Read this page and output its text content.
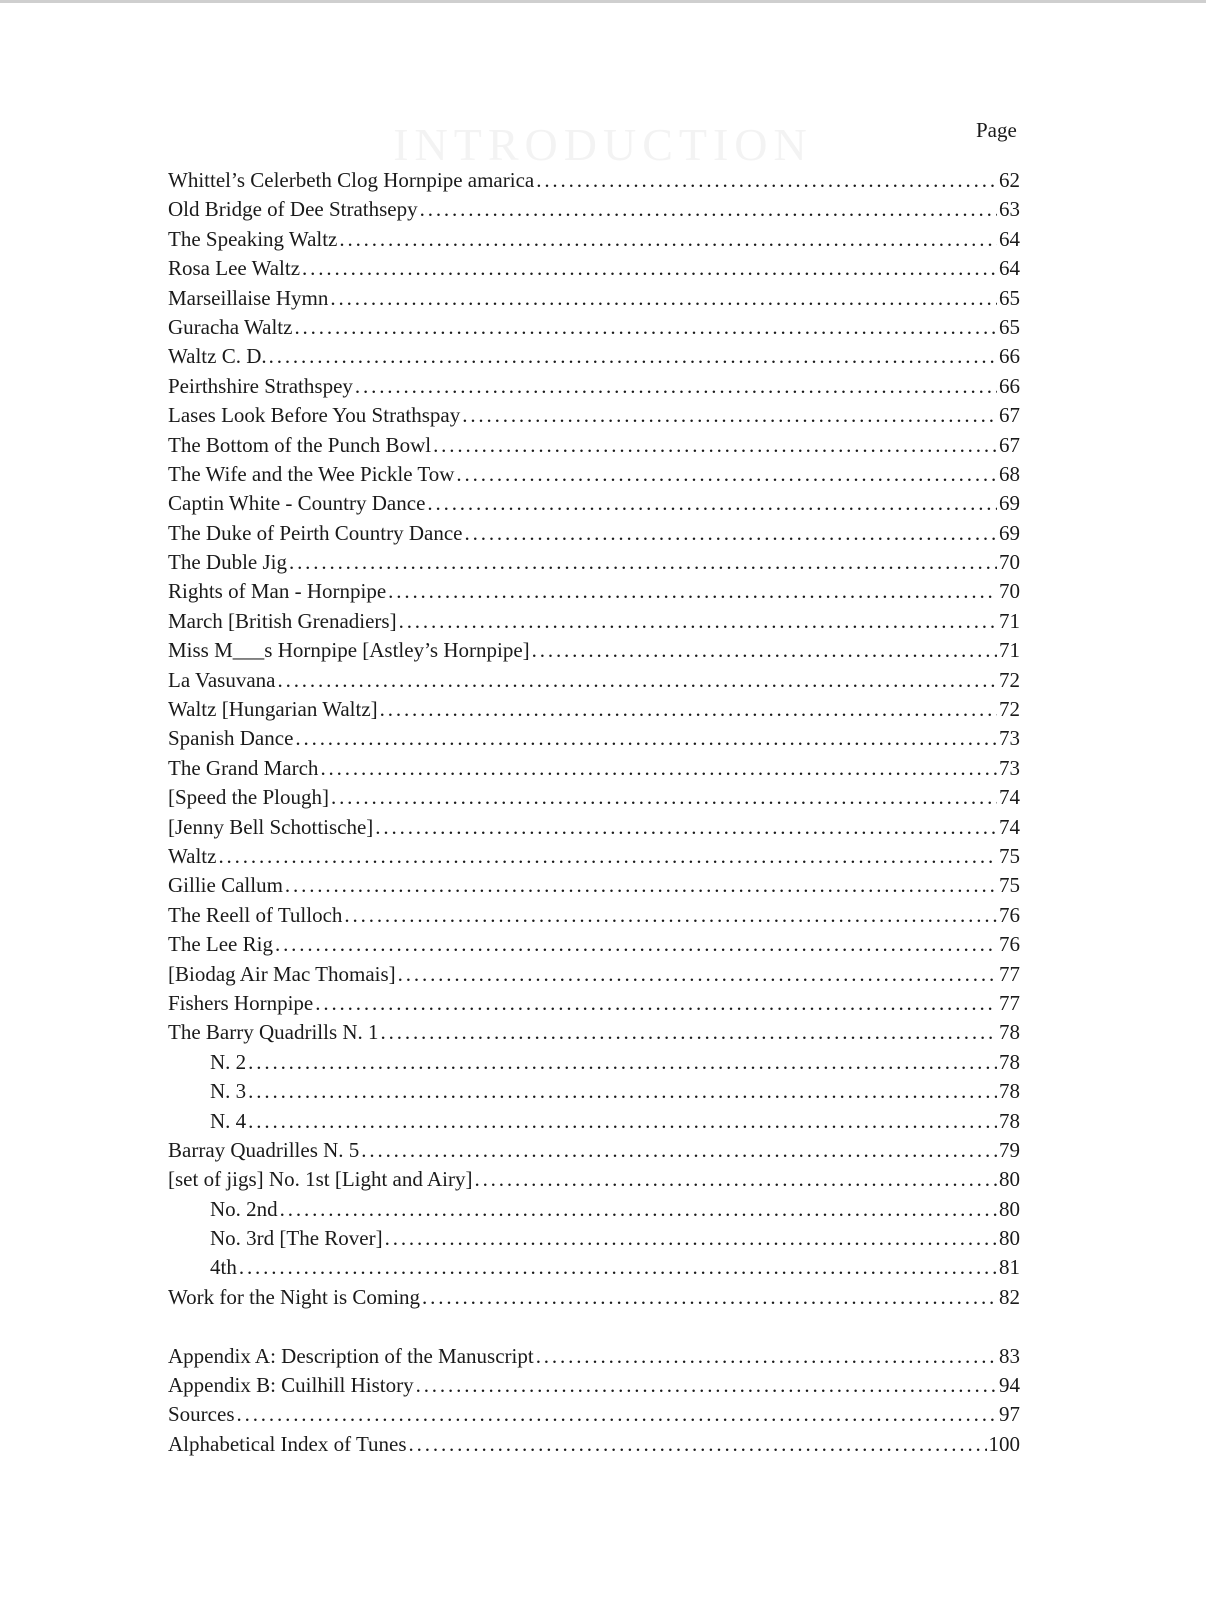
INTRODUCTION	Page
Whittel’s Celerbeth Clog Hornpipe amarica . . .	62
Old Bridge of Dee Strathsepy . . .	63
The Speaking Waltz . . .	64
Rosa Lee Waltz . . .	64
Marseillaise Hymn . . .	65
Guracha Waltz . . .	65
Waltz C. D. . . .	66
Peirthshire Strathspey . . .	66
Lases Look Before You Strathspay . . .	67
The Bottom of the Punch Bowl . . .	67
The Wife and the Wee Pickle Tow . . .	68
Captin White - Country Dance . . .	69
The Duke of Peirth Country Dance . . .	69
The Duble Jig . . .	70
Rights of Man - Hornpipe . . .	70
March [British Grenadiers] . . .	71
Miss M___s Hornpipe [Astley’s Hornpipe] . . .	71
La Vasuvana . . .	72
Waltz [Hungarian Waltz] . . .	72
Spanish Dance . . .	73
The Grand March . . .	73
[Speed the Plough] . . .	74
[Jenny Bell Schottische] . . .	74
Waltz . . .	75
Gillie Callum . . .	75
The Reell of Tulloch . . .	76
The Lee Rig . . .	76
[Biodag Air Mac Thomais] . . .	77
Fishers Hornpipe . . .	77
The Barry Quadrills N. 1 . . .	78
N. 2 . . .	78
N. 3 . . .	78
N. 4 . . .	78
Barray Quadrilles N. 5 . . .	79
[set of jigs] No. 1st [Light and Airy] . . .	80
No. 2nd . . .	80
No. 3rd [The Rover] . . .	80
4th . . .	81
Work for the Night is Coming . . .	82
Appendix A: Description of the Manuscript . . .	83
Appendix B: Cuilhill History . . .	94
Sources . . .	97
Alphabetical Index of Tunes . . .	100
